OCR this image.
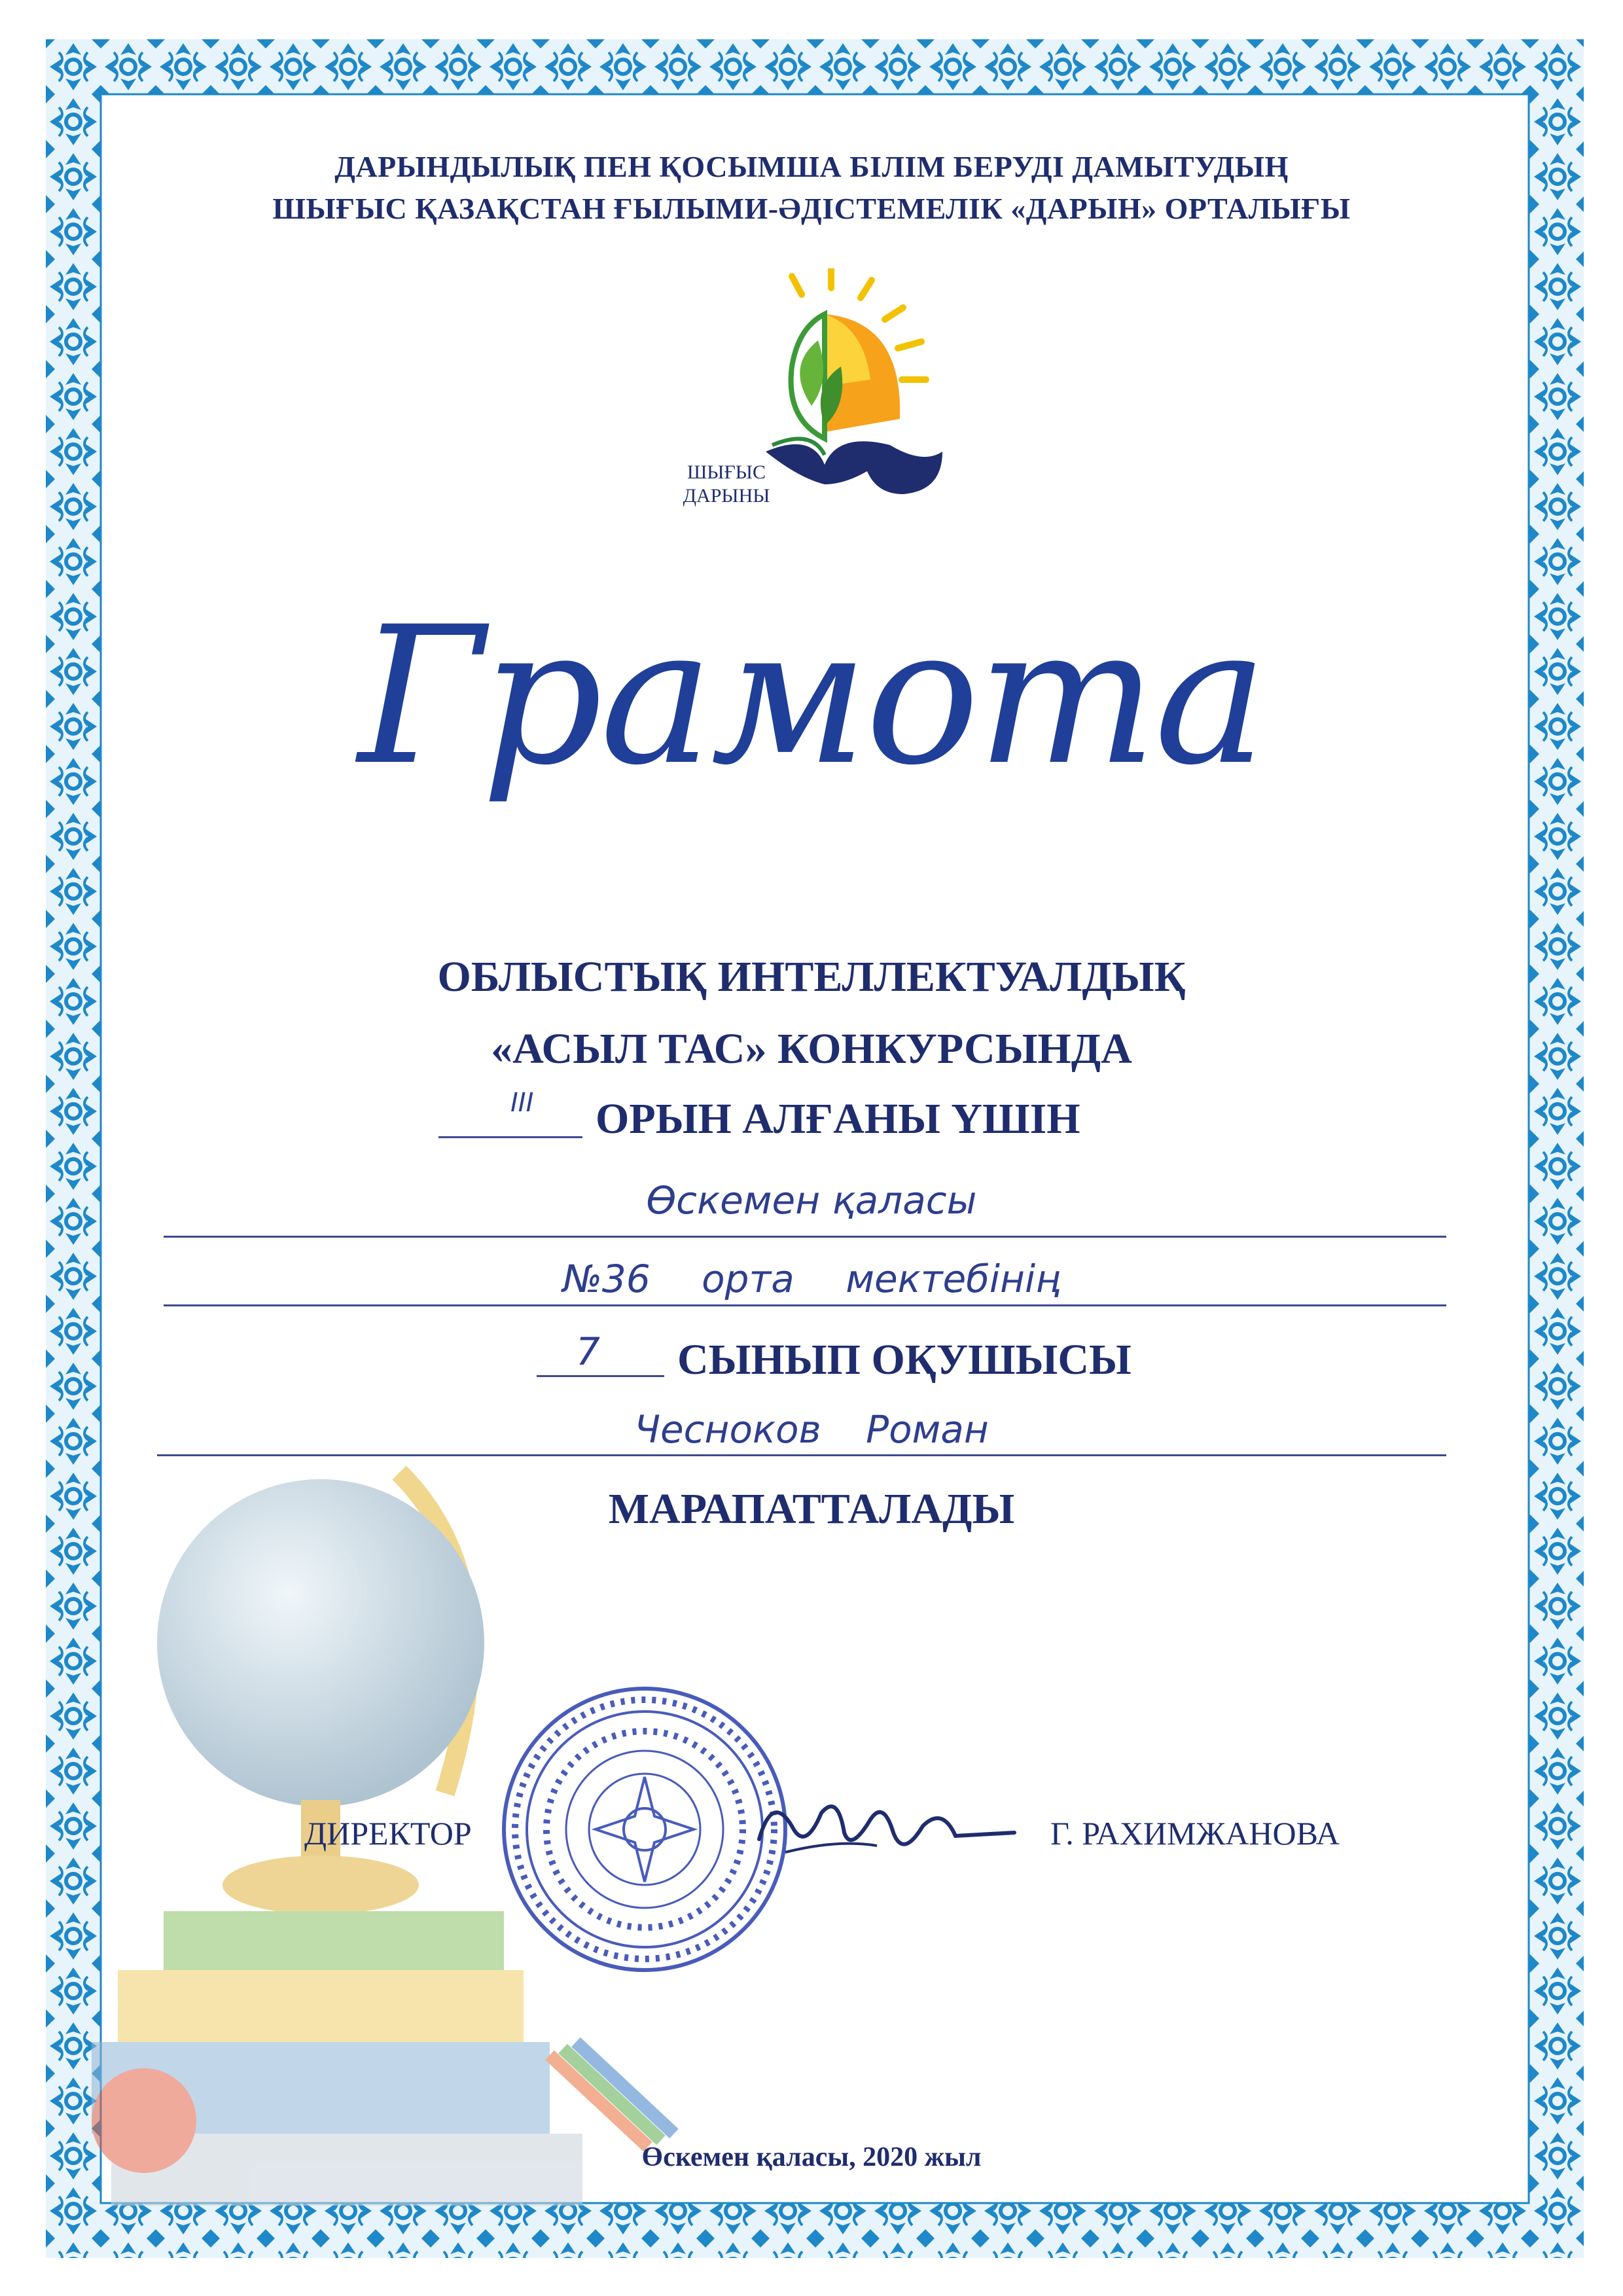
ДАРЫНДЫЛЫҚ ПЕН ҚОСЫМША БІЛІМ БЕРУДІ ДАМЫТУДЫҢ
ШЫҒЫС ҚАЗАҚСТАН ҒЫЛЫМИ-ӘДІСТЕМЕЛІК «ДАРЫН» ОРТАЛЫҒЫ
ШЫҒЫС
ДАРЫНЫ
Грамота
ОБЛЫСТЫҚ ИНТЕЛЛЕКТУАЛДЫҚ
«АСЫЛ ТАС» КОНКУРСЫНДА
III ОРЫН АЛҒАНЫ ҮШІН
Өскемен қаласы
№36 орта мектебінің
7 СЫНЫП ОҚУШЫСЫ
Чесноков Роман
МАРАПАТТАЛАДЫ
ДИРЕКТОР	Г. РАХИМЖАНОВА
Өскемен қаласы, 2020 жыл
